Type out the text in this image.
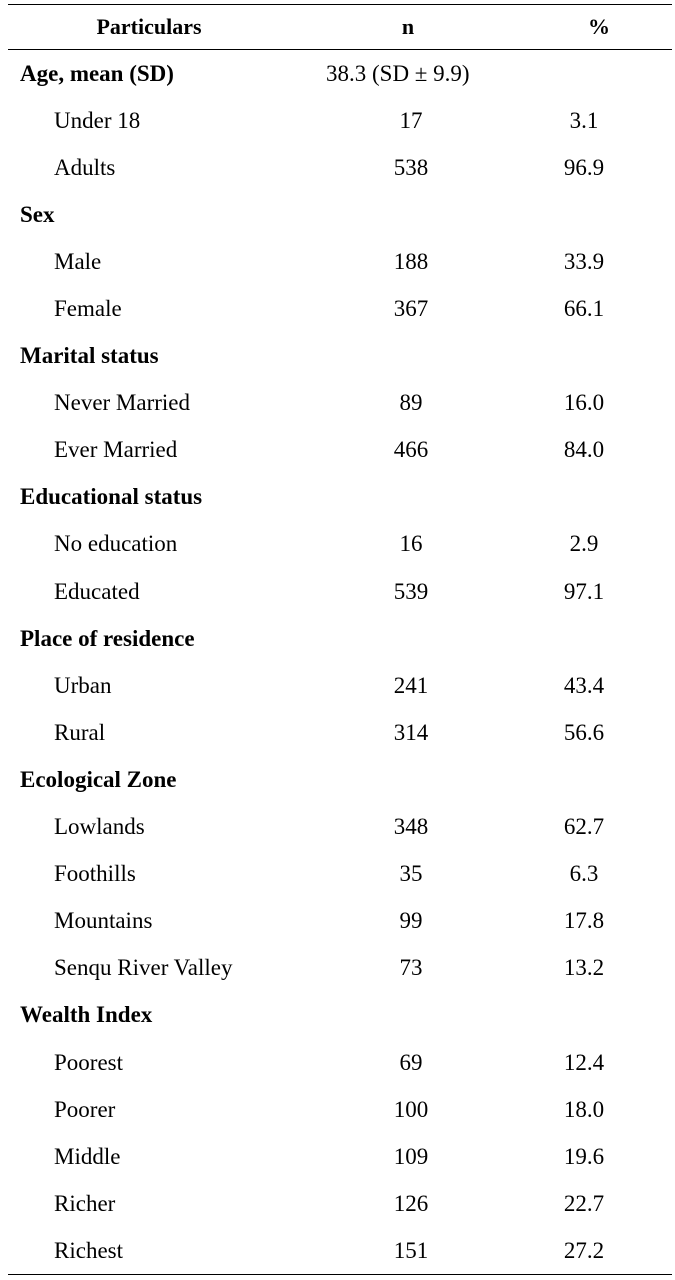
Particulars	n	%
Age, mean (SD)	38.3 (SD ± 9.9)
Under 18	17	3.1
Adults	538	96.9
Sex
Male	188	33.9
Female	367	66.1
Marital status
Never Married	89	16.0
Ever Married	466	84.0
Educational status
No education	16	2.9
Educated	539	97.1
Place of residence
Urban	241	43.4
Rural	314	56.6
Ecological Zone
Lowlands	348	62.7
Foothills	35	6.3
Mountains	99	17.8
Senqu River Valley	73	13.2
Wealth Index
Poorest	69	12.4
Poorer	100	18.0
Middle	109	19.6
Richer	126	22.7
Richest	151	27.2
